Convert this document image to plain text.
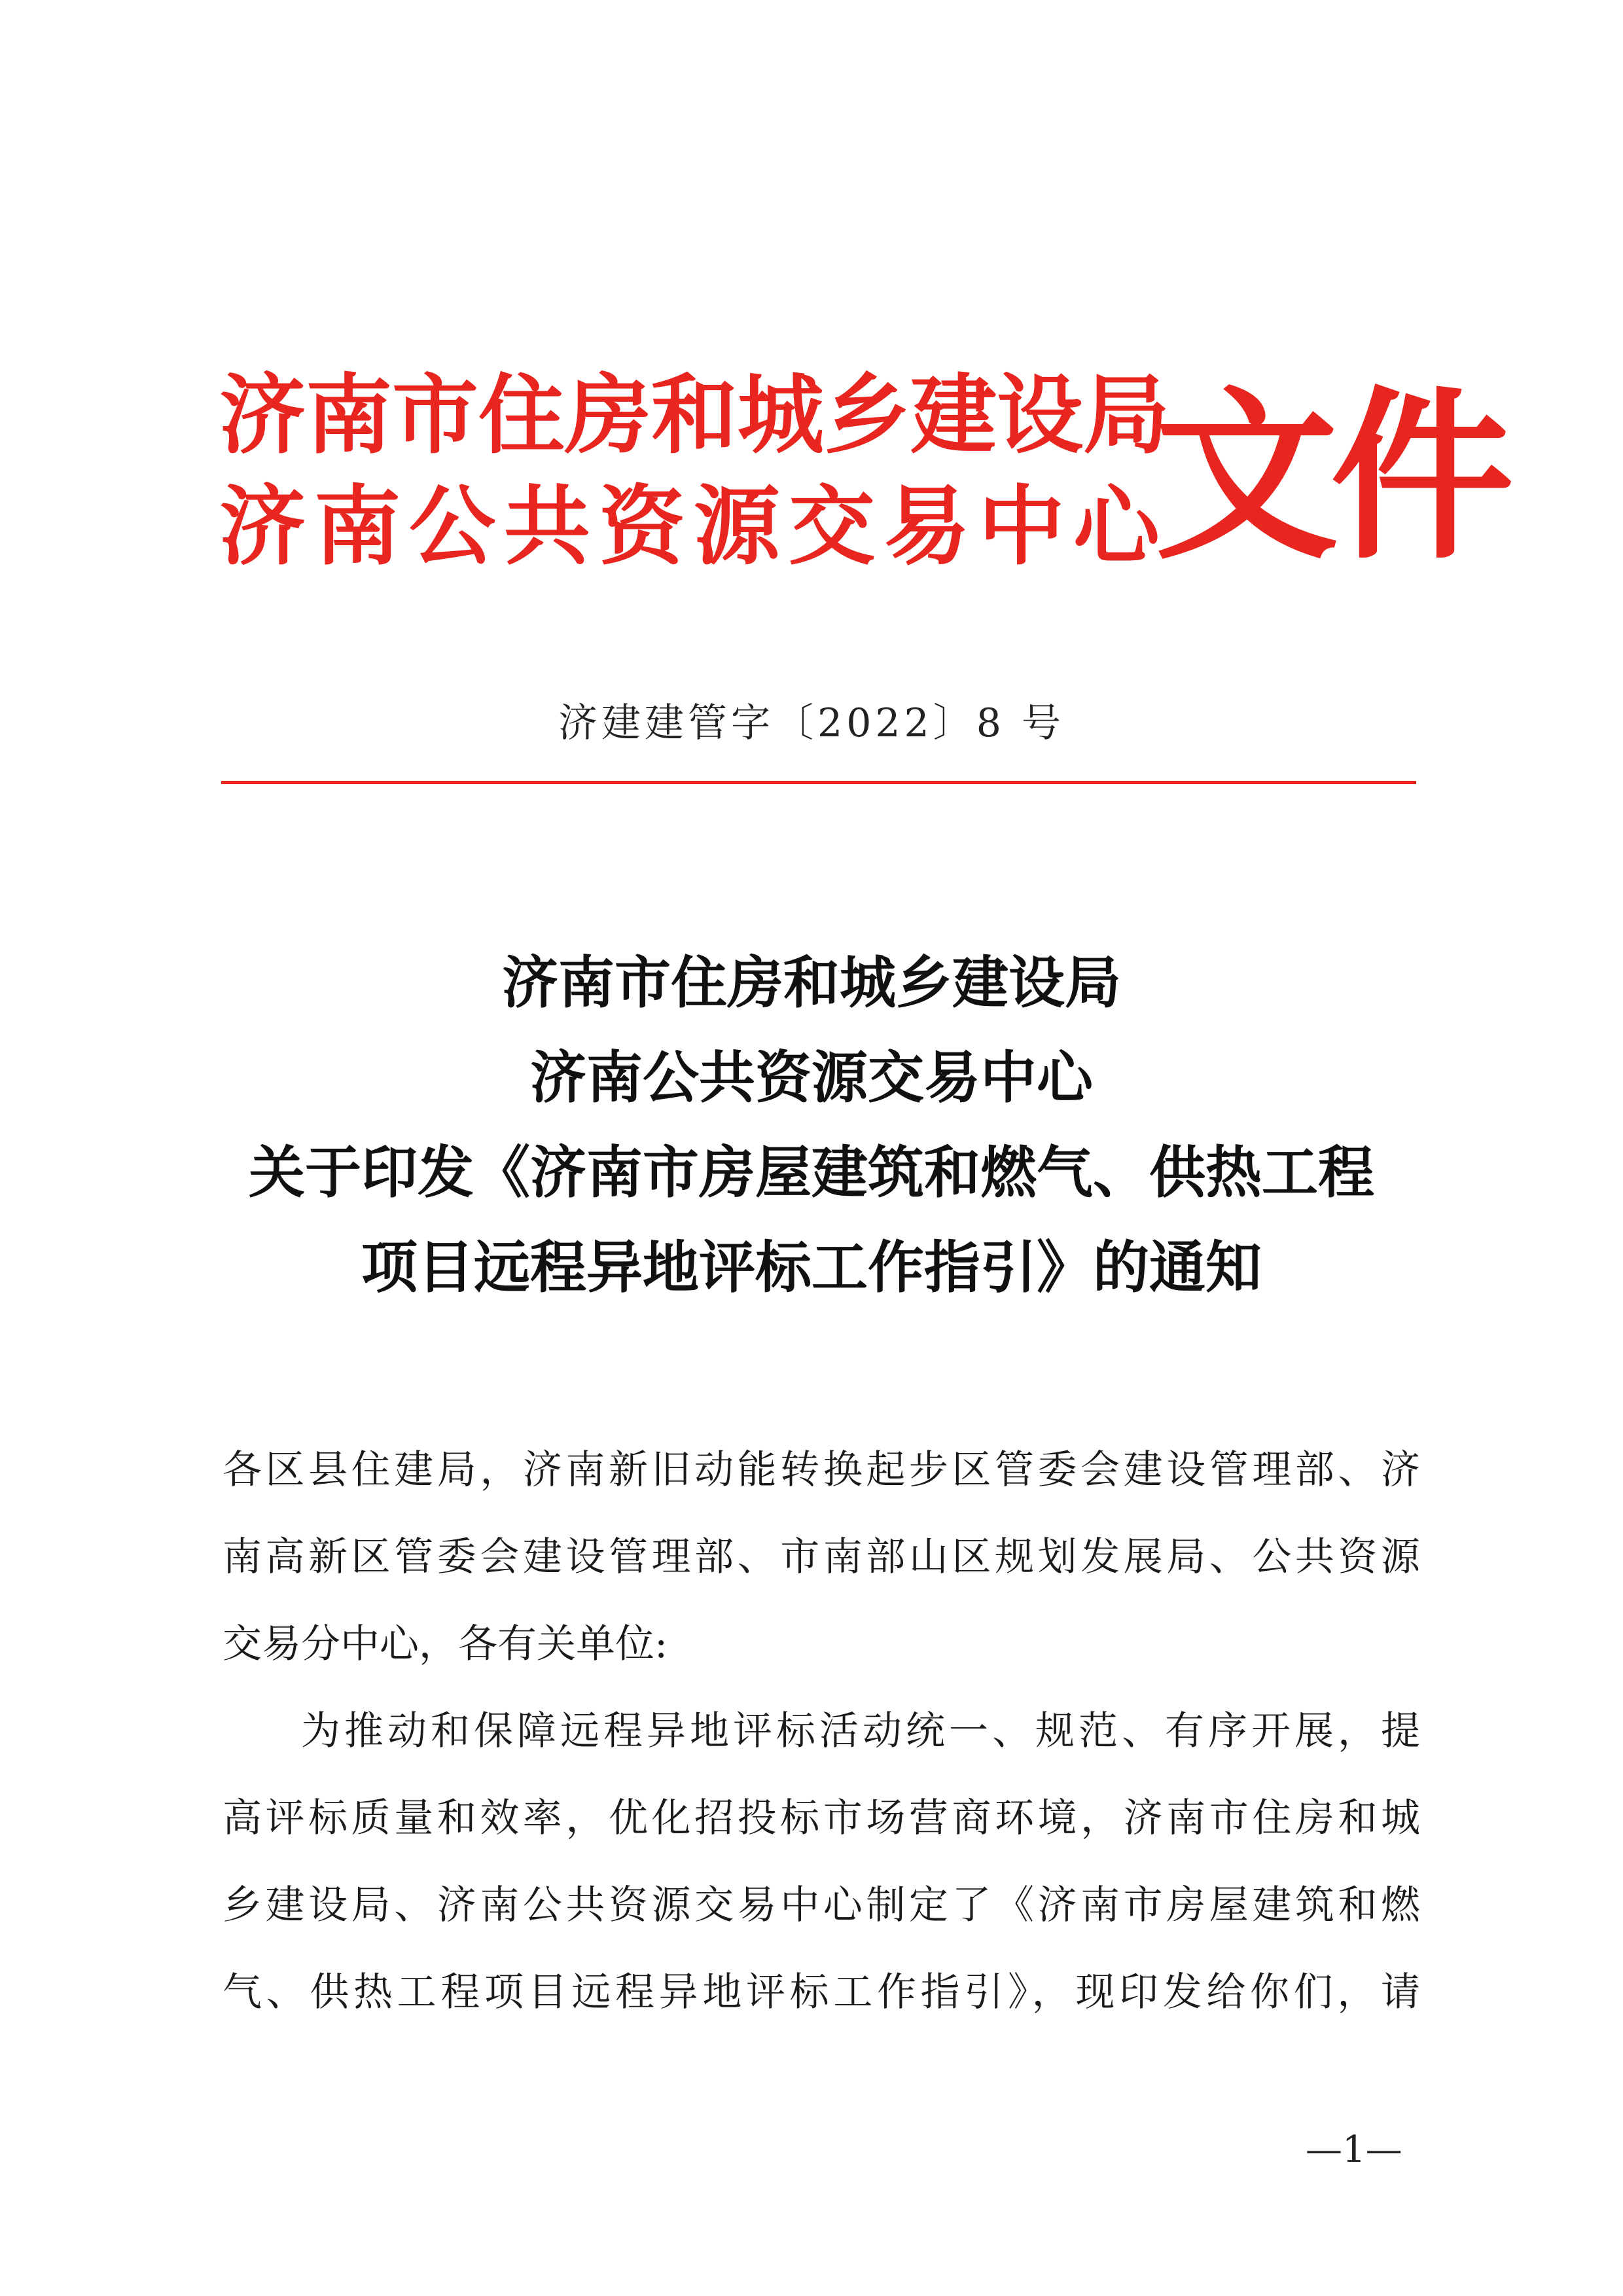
济南市住房和城乡建设局
济南公共资源交易中心
文件
济建建管字〔2022〕8 号
济南市住房和城乡建设局
济南公共资源交易中心
关于印发《济南市房屋建筑和燃气、供热工程
项目远程异地评标工作指引》的通知
各区县住建局，济南新旧动能转换起步区管委会建设管理部、济
南高新区管委会建设管理部、市南部山区规划发展局、公共资源
交易分中心，各有关单位:
为推动和保障远程异地评标活动统一、规范、有序开展，提
高评标质量和效率，优化招投标市场营商环境，济南市住房和城
乡建设局、济南公共资源交易中心制定了《济南市房屋建筑和燃
气、供热工程项目远程异地评标工作指引》，现印发给你们，请
—1—
